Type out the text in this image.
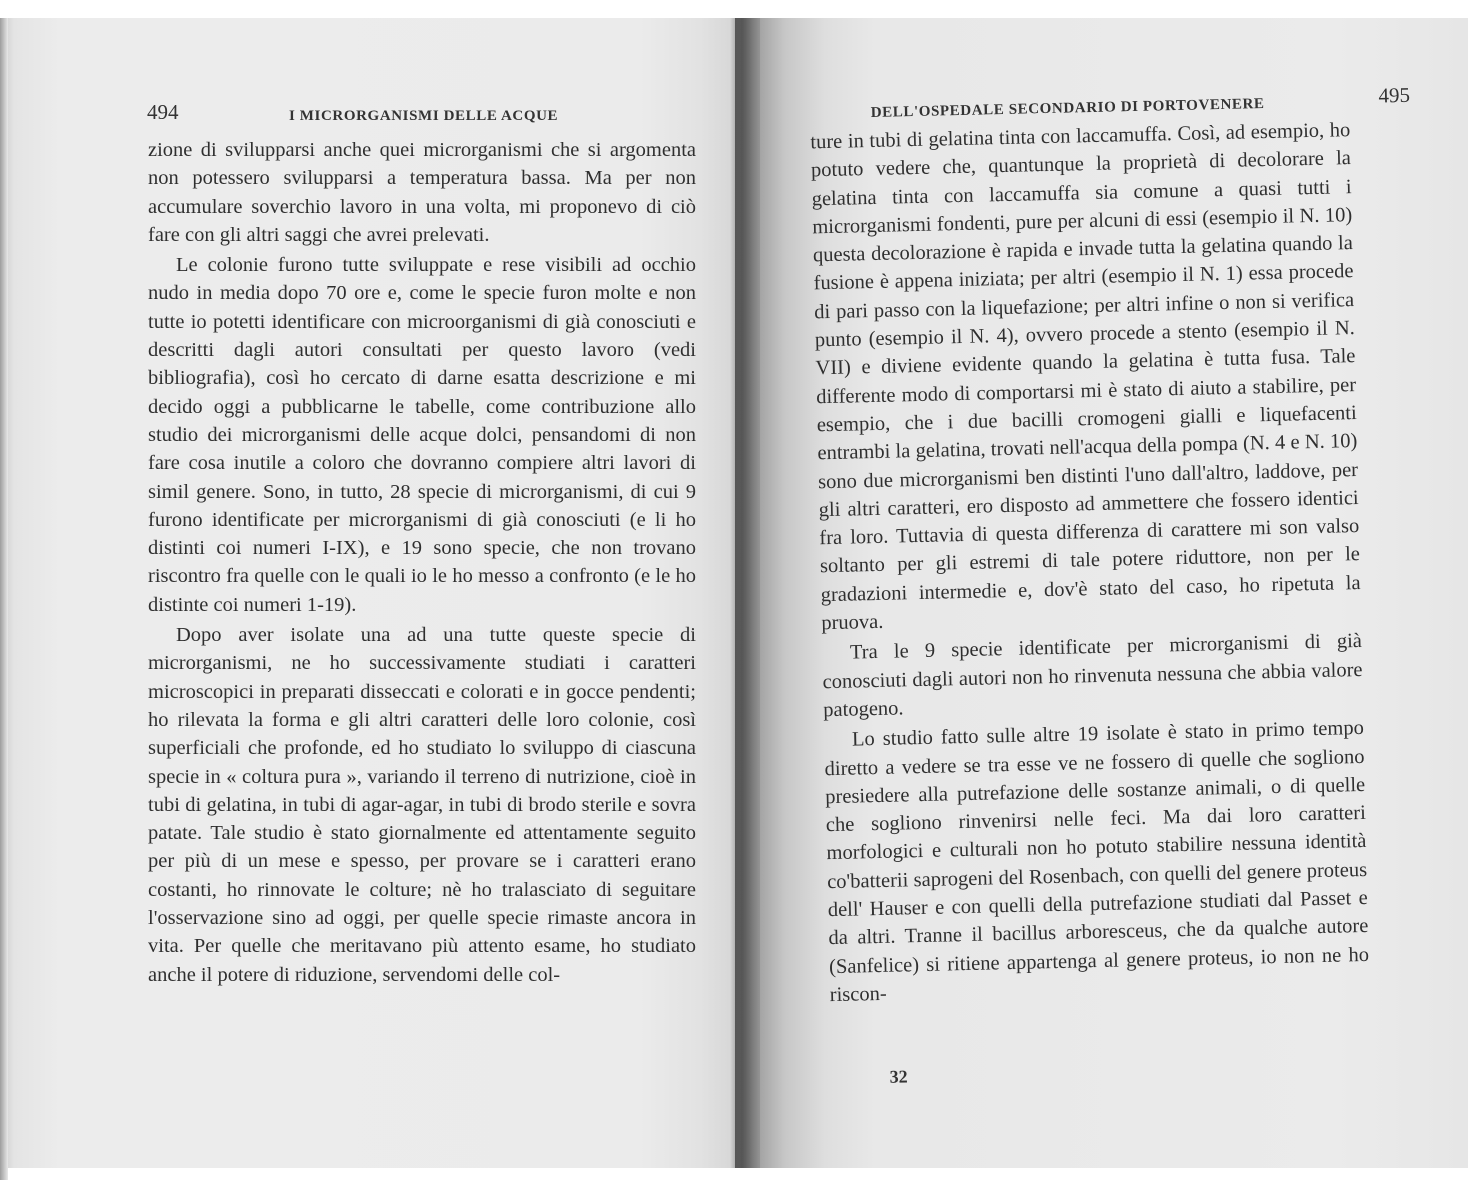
494	I MICRORGANISMI DELLE ACQUE

zione di svilupparsi anche quei microrganismi che si argomenta non potessero svilupparsi a temperatura bassa. Ma per non accumulare soverchio lavoro in una volta, mi proponevo di ciò fare con gli altri saggi che avrei prelevati.

Le colonie furono tutte sviluppate e rese visibili ad occhio nudo in media dopo 70 ore e, come le specie furon molte e non tutte io potetti identificare con microorganismi di già conosciuti e descritti dagli autori consultati per questo lavoro (vedi bibliografia), così ho cercato di darne esatta descrizione e mi decido oggi a pubblicarne le tabelle, come contribuzione allo studio dei microrganismi delle acque dolci, pensandomi di non fare cosa inutile a coloro che dovranno compiere altri lavori di simil genere. Sono, in tutto, 28 specie di microrganismi, di cui 9 furono identificate per microrganismi di già conosciuti (e li ho distinti coi numeri I-IX), e 19 sono specie, che non trovano riscontro fra quelle con le quali io le ho messo a confronto (e le ho distinte coi numeri 1-19).

Dopo aver isolate una ad una tutte queste specie di microrganismi, ne ho successivamente studiati i caratteri microscopici in preparati disseccati e colorati e in gocce pendenti; ho rilevata la forma e gli altri caratteri delle loro colonie, così superficiali che profonde, ed ho studiato lo sviluppo di ciascuna specie in « coltura pura », variando il terreno di nutrizione, cioè in tubi di gelatina, in tubi di agar-agar, in tubi di brodo sterile e sovra patate. Tale studio è stato giornalmente ed attentamente seguito per più di un mese e spesso, per provare se i caratteri erano costanti, ho rinnovate le colture; nè ho tralasciato di seguitare l'osservazione sino ad oggi, per quelle specie rimaste ancora in vita. Per quelle che meritavano più attento esame, ho studiato anche il potere di riduzione, servendomi delle col-

DELL'OSPEDALE SECONDARIO DI PORTOVENERE
495

ture in tubi di gelatina tinta con laccamuffa. Così, ad esempio, ho potuto vedere che, quantunque la proprietà di decolorare la gelatina tinta con laccamuffa sia comune a quasi tutti i microrganismi fondenti, pure per alcuni di essi (esempio il N. 10) questa decolorazione è rapida e invade tutta la gelatina quando la fusione è appena iniziata; per altri (esempio il N. 1) essa procede di pari passo con la liquefazione; per altri infine o non si verifica punto (esempio il N. 4), ovvero procede a stento (esempio il N. VII) e diviene evidente quando la gelatina è tutta fusa. Tale differente modo di comportarsi mi è stato di aiuto a stabilire, per esempio, che i due bacilli cromogeni gialli e liquefacenti entrambi la gelatina, trovati nell'acqua della pompa (N. 4 e N. 10) sono due microrganismi ben distinti l'uno dall'altro, laddove, per gli altri caratteri, ero disposto ad ammettere che fossero identici fra loro. Tuttavia di questa differenza di carattere mi son valso soltanto per gli estremi di tale potere riduttore, non per le gradazioni intermedie e, dov'è stato del caso, ho ripetuta la pruova.

Tra le 9 specie identificate per microrganismi di già conosciuti dagli autori non ho rinvenuta nessuna che abbia valore patogeno.

Lo studio fatto sulle altre 19 isolate è stato in primo tempo diretto a vedere se tra esse ve ne fossero di quelle che sogliono presiedere alla putrefazione delle sostanze animali, o di quelle che sogliono rinvenirsi nelle feci. Ma dai loro caratteri morfologici e culturali non ho potuto stabilire nessuna identità co'batterii saprogeni del Rosenbach, con quelli del genere proteus dell' Hauser e con quelli della putrefazione studiati dal Passet e da altri. Tranne il bacillus arboresceus, che da qualche autore (Sanfelice) si ritiene appartenga al genere proteus, io non ne ho riscon-

32
